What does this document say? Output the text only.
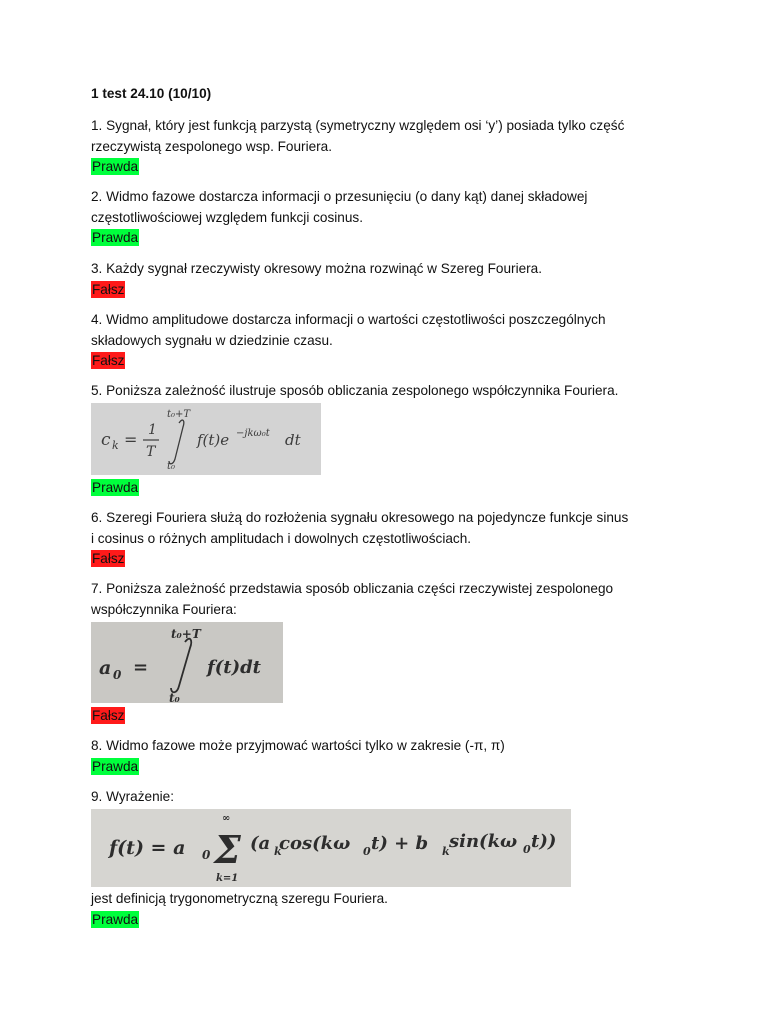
1 test 24.10 (10/10)
1. Sygnał, który jest funkcją parzystą (symetryczny względem osi ‘y’) posiada tylko część
rzeczywistą zespolonego wsp. Fouriera.
Prawda
2. Widmo fazowe dostarcza informacji o przesunięciu (o dany kąt) danej składowej
częstotliwościowej względem funkcji cosinus.
Prawda
3. Każdy sygnał rzeczywisty okresowy można rozwinąć w Szereg Fouriera.
Fałsz
4. Widmo amplitudowe dostarcza informacji o wartości częstotliwości poszczególnych
składowych sygnału w dziedzinie czasu.
Fałsz
5. Poniższa zależność ilustruje sposób obliczania zespolonego współczynnika Fouriera.
c k = 1
T
t₀+T
t₀
f(t)e −jkω₀t dt
Prawda
6. Szeregi Fouriera służą do rozłożenia sygnału okresowego na pojedyncze funkcje sinus
i cosinus o różnych amplitudach i dowolnych częstotliwościach.
Fałsz
7. Poniższa zależność przedstawia sposób obliczania części rzeczywistej zespolonego
współczynnika Fouriera:
a 0 =
t₀+T
t₀
f(t)dt
Fałsz
8. Widmo fazowe może przyjmować wartości tylko w zakresie (-π, π)
Prawda
9. Wyrażenie:
f(t) = a 0
∞
Σ
k=1
(a k
cos(kω 0 t) + b k sin(kω 0 t))
jest definicją trygonometryczną szeregu Fouriera.
Prawda
